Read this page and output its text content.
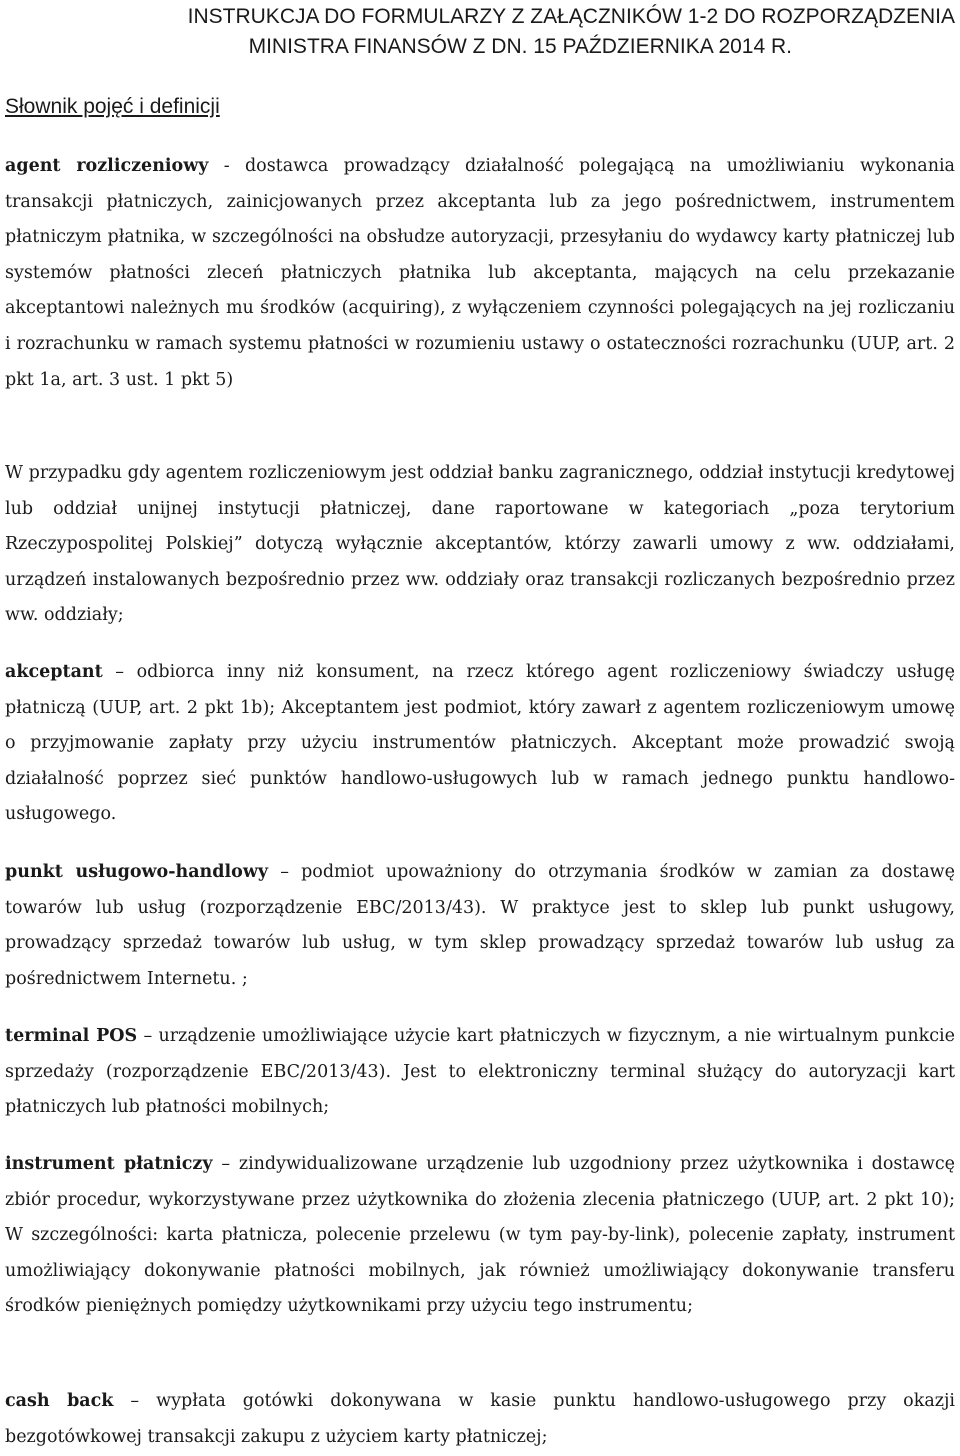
INSTRUKCJA DO FORMULARZY Z ZAŁĄCZNIKÓW 1-2 DO ROZPORZĄDZENIA
MINISTRA FINANSÓW Z DN. 15 PAŹDZIERNIKA 2014 R.
Słownik pojęć i definicji

agent rozliczeniowy - dostawca prowadzący działalność polegającą na umożliwianiu wykonania transakcji płatniczych, zainicjowanych przez akceptanta lub za jego pośrednictwem, instrumentem płatniczym płatnika, w szczególności na obsłudze autoryzacji, przesyłaniu do wydawcy karty płatniczej lub systemów płatności zleceń płatniczych płatnika lub akceptanta, mających na celu przekazanie akceptantowi należnych mu środków (acquiring), z wyłączeniem czynności polegających na jej rozliczaniu i rozrachunku w ramach systemu płatności w rozumieniu ustawy o ostateczności rozrachunku (UUP, art. 2 pkt 1a, art. 3 ust. 1 pkt 5)

W przypadku gdy agentem rozliczeniowym jest oddział banku zagranicznego, oddział instytucji kredytowej lub oddział unijnej instytucji płatniczej, dane raportowane w kategoriach „poza terytorium Rzeczypospolitej Polskiej” dotyczą wyłącznie akceptantów, którzy zawarli umowy z ww. oddziałami, urządzeń instalowanych bezpośrednio przez ww. oddziały oraz transakcji rozliczanych bezpośrednio przez ww. oddziały;

akceptant – odbiorca inny niż konsument, na rzecz którego agent rozliczeniowy świadczy usługę płatniczą (UUP, art. 2 pkt 1b); Akceptantem jest podmiot, który zawarł z agentem rozliczeniowym umowę o przyjmowanie zapłaty przy użyciu instrumentów płatniczych. Akceptant może prowadzić swoją działalność poprzez sieć punktów handlowo-usługowych lub w ramach jednego punktu handlowo-usługowego.

punkt usługowo-handlowy – podmiot upoważniony do otrzymania środków w zamian za dostawę towarów lub usług (rozporządzenie EBC/2013/43). W praktyce jest to sklep lub punkt usługowy, prowadzący sprzedaż towarów lub usług, w tym sklep prowadzący sprzedaż towarów lub usług za pośrednictwem Internetu. ;

terminal POS – urządzenie umożliwiające użycie kart płatniczych w fizycznym, a nie wirtualnym punkcie sprzedaży (rozporządzenie EBC/2013/43). Jest to elektroniczny terminal służący do autoryzacji kart płatniczych lub płatności mobilnych;

instrument płatniczy – zindywidualizowane urządzenie lub uzgodniony przez użytkownika i dostawcę zbiór procedur, wykorzystywane przez użytkownika do złożenia zlecenia płatniczego (UUP, art. 2 pkt 10); W szczególności: karta płatnicza, polecenie przelewu (w tym pay-by-link), polecenie zapłaty, instrument umożliwiający dokonywanie płatności mobilnych, jak również umożliwiający dokonywanie transferu środków pieniężnych pomiędzy użytkownikami przy użyciu tego instrumentu;

cash back – wypłata gotówki dokonywana w kasie punktu handlowo-usługowego przy okazji bezgotówkowej transakcji zakupu z użyciem karty płatniczej;
